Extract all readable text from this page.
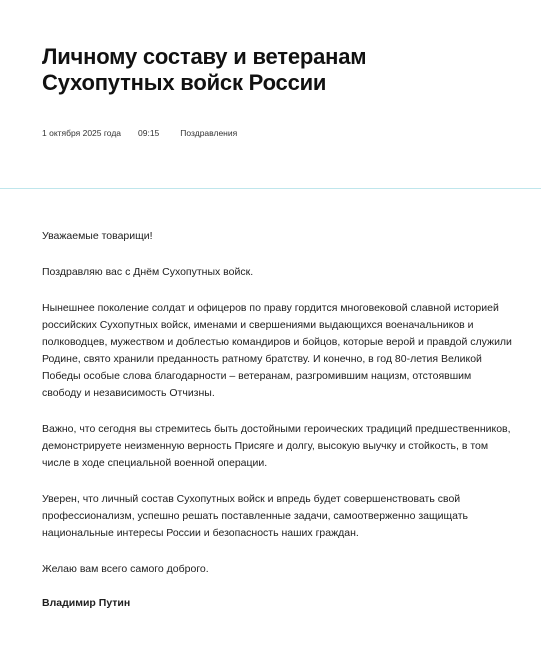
Личному составу и ветеранам Сухопутных войск России
1 октября 2025 года 09:15 Поздравления

Уважаемые товарищи!

Поздравляю вас с Днём Сухопутных войск.

Нынешнее поколение солдат и офицеров по праву гордится многовековой славной историей российских Сухопутных войск, именами и свершениями выдающихся военачальников и полководцев, мужеством и доблестью командиров и бойцов, которые верой и правдой служили Родине, свято хранили преданность ратному братству. И конечно, в год 80-летия Великой Победы особые слова благодарности – ветеранам, разгромившим нацизм, отстоявшим свободу и независимость Отчизны.

Важно, что сегодня вы стремитесь быть достойными героических традиций предшественников, демонстрируете неизменную верность Присяге и долгу, высокую выучку и стойкость, в том числе в ходе специальной военной операции.

Уверен, что личный состав Сухопутных войск и впредь будет совершенствовать свой профессионализм, успешно решать поставленные задачи, самоотверженно защищать национальные интересы России и безопасность наших граждан.

Желаю вам всего самого доброго.

Владимир Путин
